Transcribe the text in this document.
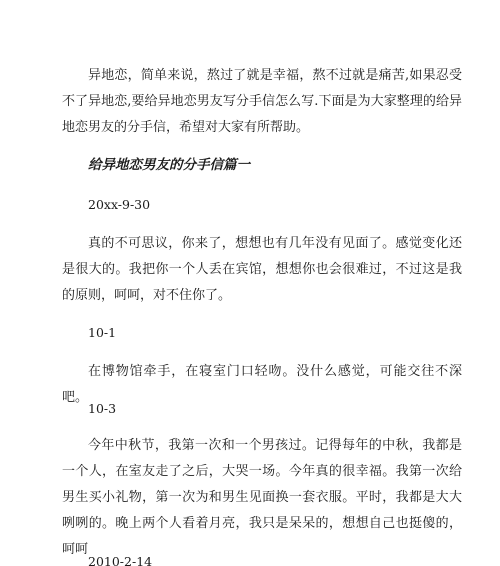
异地恋，简单来说，熬过了就是幸福，熬不过就是痛苦,如果忍受不了异地恋,要给异地恋男友写分手信怎么写.下面是为大家整理的给异地恋男友的分手信，希望对大家有所帮助。

给异地恋男友的分手信篇一

20xx-9-30

真的不可思议，你来了，想想也有几年没有见面了。感觉变化还是很大的。我把你一个人丢在宾馆，想想你也会很难过，不过这是我的原则，呵呵，对不住你了。

10-1

在博物馆牵手，在寝室门口轻吻。没什么感觉，可能交往不深吧。

10-3

今年中秋节，我第一次和一个男孩过。记得每年的中秋，我都是一个人，在室友走了之后，大哭一场。今年真的很幸福。我第一次给男生买小礼物，第一次为和男生见面换一套衣服。平时，我都是大大咧咧的。晚上两个人看着月亮，我只是呆呆的，想想自己也挺傻的，呵呵

2010-2-14
